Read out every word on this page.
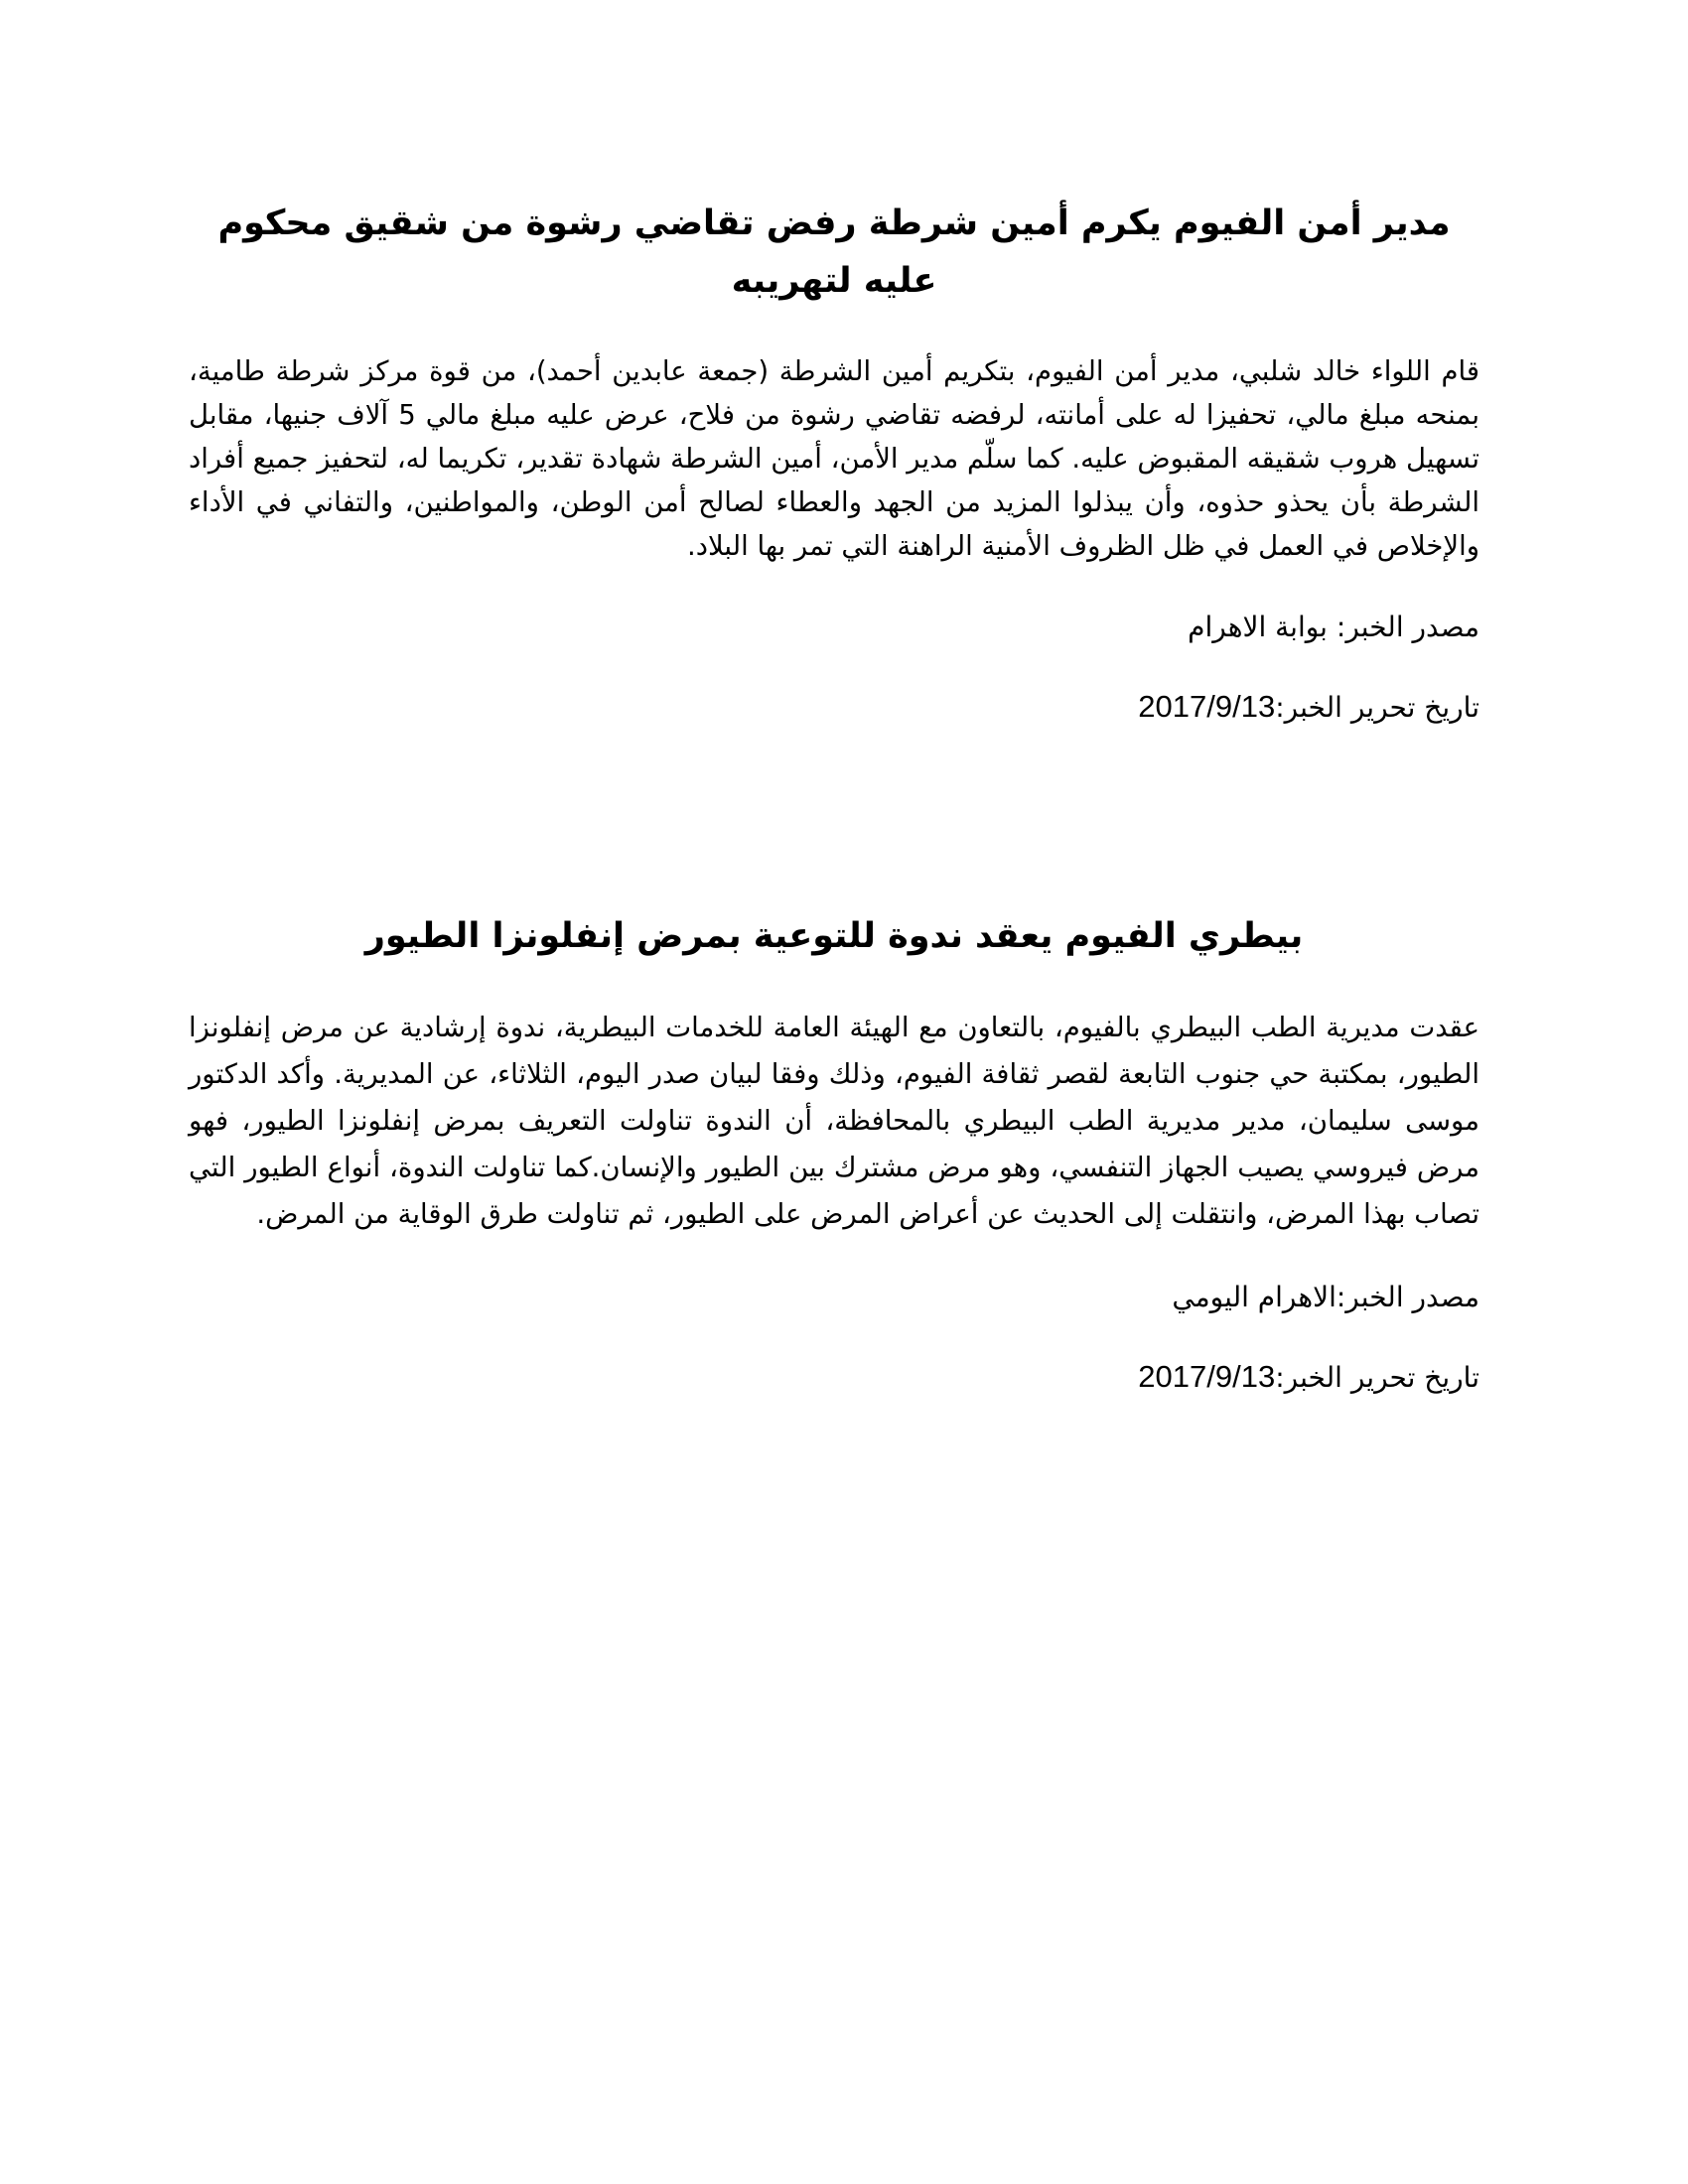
مدير أمن الفيوم يكرم أمين شرطة رفض تقاضي رشوة من شقيق محكوم عليه لتهريبه

قام اللواء خالد شلبي، مدير أمن الفيوم، بتكريم أمين الشرطة (جمعة عابدين أحمد)، من قوة مركز شرطة طامية، بمنحه مبلغ مالي، تحفيزا له على أمانته، لرفضه تقاضي رشوة من فلاح، عرض عليه مبلغ مالي 5 آلاف جنيها، مقابل تسهيل هروب شقيقه المقبوض عليه. كما سلّم مدير الأمن، أمين الشرطة شهادة تقدير، تكريما له، لتحفيز جميع أفراد الشرطة بأن يحذو حذوه، وأن يبذلوا المزيد من الجهد والعطاء لصالح أمن الوطن، والمواطنين، والتفاني في الأداء والإخلاص في العمل في ظل الظروف الأمنية الراهنة التي تمر بها البلاد.

مصدر الخبر: بوابة الاهرام

تاريخ تحرير الخبر:2017/9/13

بيطري الفيوم يعقد ندوة للتوعية بمرض إنفلونزا الطيور

عقدت مديرية الطب البيطري بالفيوم، بالتعاون مع الهيئة العامة للخدمات البيطرية، ندوة إرشادية عن مرض إنفلونزا الطيور، بمكتبة حي جنوب التابعة لقصر ثقافة الفيوم، وذلك وفقا لبيان صدر اليوم، الثلاثاء، عن المديرية. وأكد الدكتور موسى سليمان، مدير مديرية الطب البيطري بالمحافظة، أن الندوة تناولت التعريف بمرض إنفلونزا الطيور، فهو مرض فيروسي يصيب الجهاز التنفسي، وهو مرض مشترك بين الطيور والإنسان.كما تناولت الندوة، أنواع الطيور التي تصاب بهذا المرض، وانتقلت إلى الحديث عن أعراض المرض على الطيور، ثم تناولت طرق الوقاية من المرض.

مصدر الخبر:الاهرام اليومي

تاريخ تحرير الخبر:2017/9/13
